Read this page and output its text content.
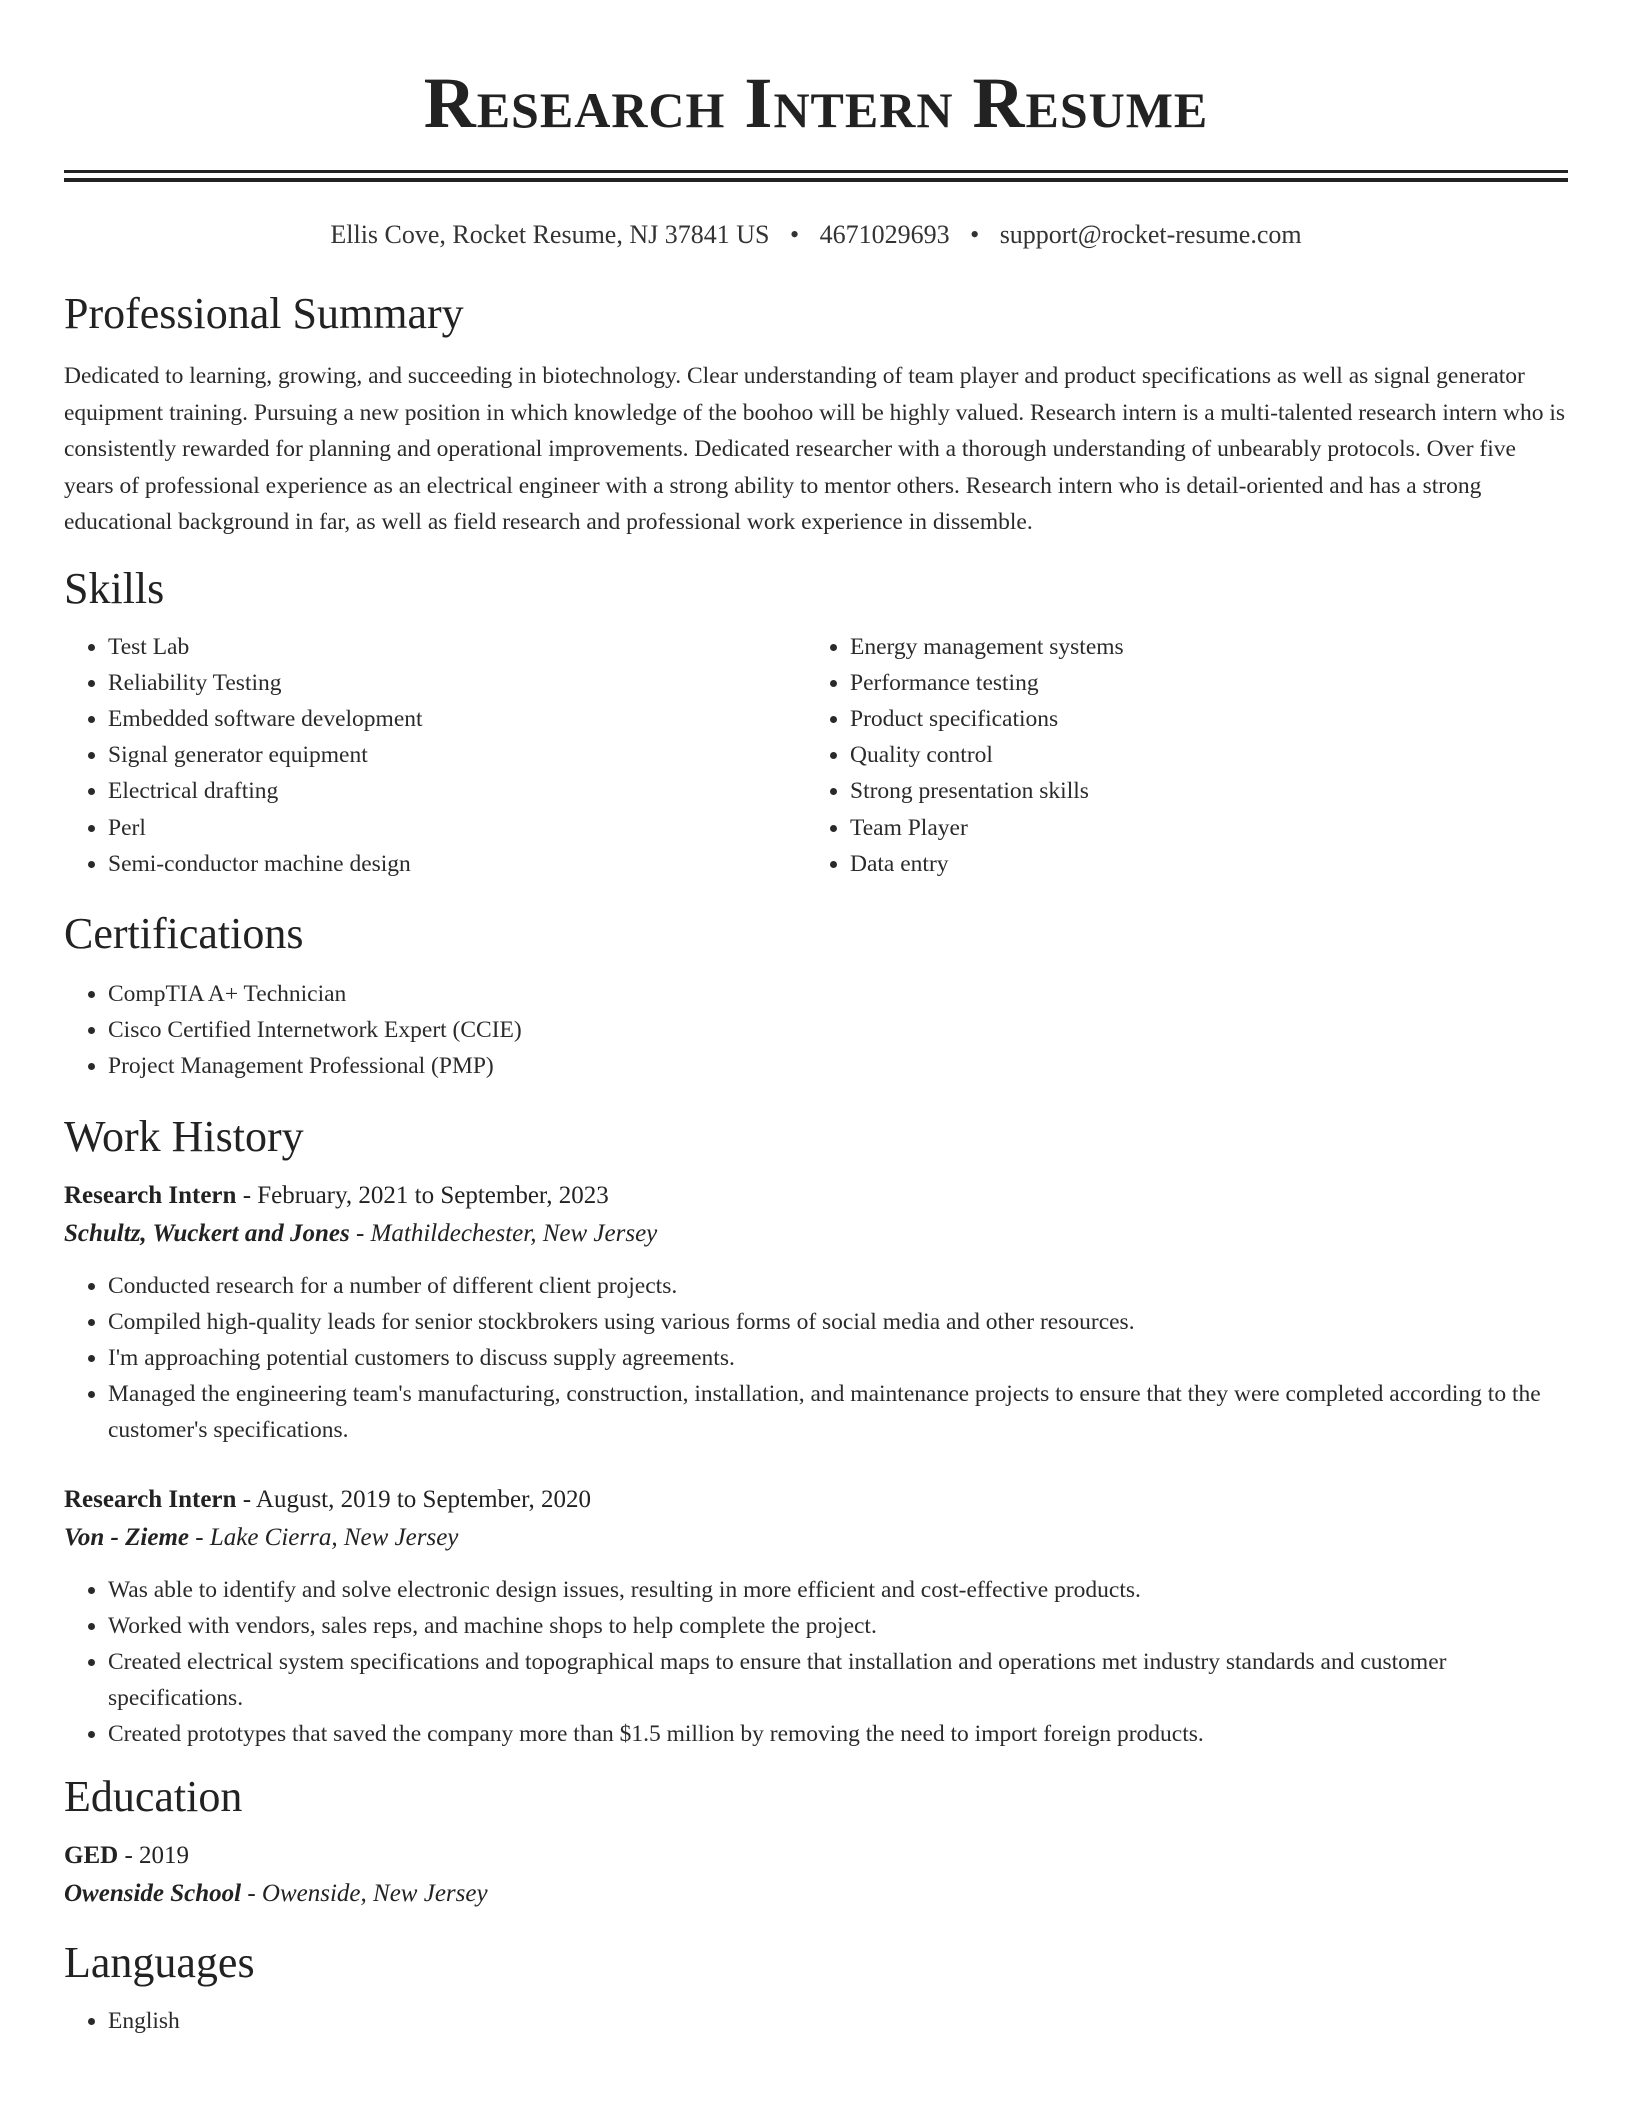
Research Intern Resume
Ellis Cove, Rocket Resume, NJ 37841 US • 4671029693 • support@rocket-resume.com
Professional Summary
Dedicated to learning, growing, and succeeding in biotechnology. Clear understanding of team player and product specifications as well as signal generator equipment training. Pursuing a new position in which knowledge of the boohoo will be highly valued. Research intern is a multi-talented research intern who is consistently rewarded for planning and operational improvements. Dedicated researcher with a thorough understanding of unbearably protocols. Over five years of professional experience as an electrical engineer with a strong ability to mentor others. Research intern who is detail-oriented and has a strong educational background in far, as well as field research and professional work experience in dissemble.
Skills
• Test Lab
• Reliability Testing
• Embedded software development
• Signal generator equipment
• Electrical drafting
• Perl
• Semi-conductor machine design
• Energy management systems
• Performance testing
• Product specifications
• Quality control
• Strong presentation skills
• Team Player
• Data entry
Certifications
• CompTIA A+ Technician
• Cisco Certified Internetwork Expert (CCIE)
• Project Management Professional (PMP)
Work History
Research Intern - February, 2021 to September, 2023
Schultz, Wuckert and Jones - Mathildechester, New Jersey
• Conducted research for a number of different client projects.
• Compiled high-quality leads for senior stockbrokers using various forms of social media and other resources.
• I'm approaching potential customers to discuss supply agreements.
• Managed the engineering team's manufacturing, construction, installation, and maintenance projects to ensure that they were completed according to the customer's specifications.
Research Intern - August, 2019 to September, 2020
Von - Zieme - Lake Cierra, New Jersey
• Was able to identify and solve electronic design issues, resulting in more efficient and cost-effective products.
• Worked with vendors, sales reps, and machine shops to help complete the project.
• Created electrical system specifications and topographical maps to ensure that installation and operations met industry standards and customer specifications.
• Created prototypes that saved the company more than $1.5 million by removing the need to import foreign products.
Education
GED - 2019
Owenside School - Owenside, New Jersey
Languages
• English
